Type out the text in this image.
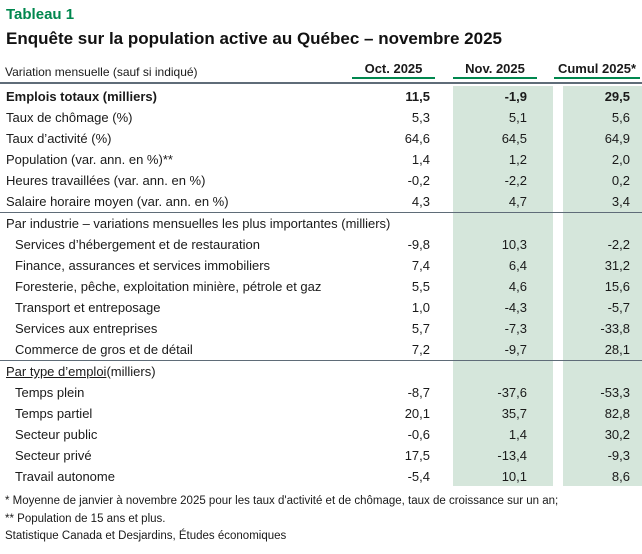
Tableau 1
Enquête sur la population active au Québec – novembre 2025
Variation mensuelle (sauf si indiqué)	Oct. 2025	Nov. 2025	Cumul 2025*
Emplois totaux (milliers)	11,5	-1,9	29,5
Taux de chômage (%)	5,3	5,1	5,6
Taux d’activité (%)	64,6	64,5	64,9
Population (var. ann. en %)**	1,4	1,2	2,0
Heures travaillées (var. ann. en %)	-0,2	-2,2	0,2
Salaire horaire moyen (var. ann. en %)	4,3	4,7	3,4
Par industrie – variations mensuelles les plus importantes (milliers)
Services d’hébergement et de restauration	-9,8	10,3	-2,2
Finance, assurances et services immobiliers	7,4	6,4	31,2
Foresterie, pêche, exploitation minière, pétrole et gaz	5,5	4,6	15,6
Transport et entreposage	1,0	-4,3	-5,7
Services aux entreprises	5,7	-7,3	-33,8
Commerce de gros et de détail	7,2	-9,7	28,1
Par type d’emploi (milliers)
Temps plein	-8,7	-37,6	-53,3
Temps partiel	20,1	35,7	82,8
Secteur public	-0,6	1,4	30,2
Secteur privé	17,5	-13,4	-9,3
Travail autonome	-5,4	10,1	8,6
* Moyenne de janvier à novembre 2025 pour les taux d'activité et de chômage, taux de croissance sur un an;
** Population de 15 ans et plus.
Statistique Canada et Desjardins, Études économiques
